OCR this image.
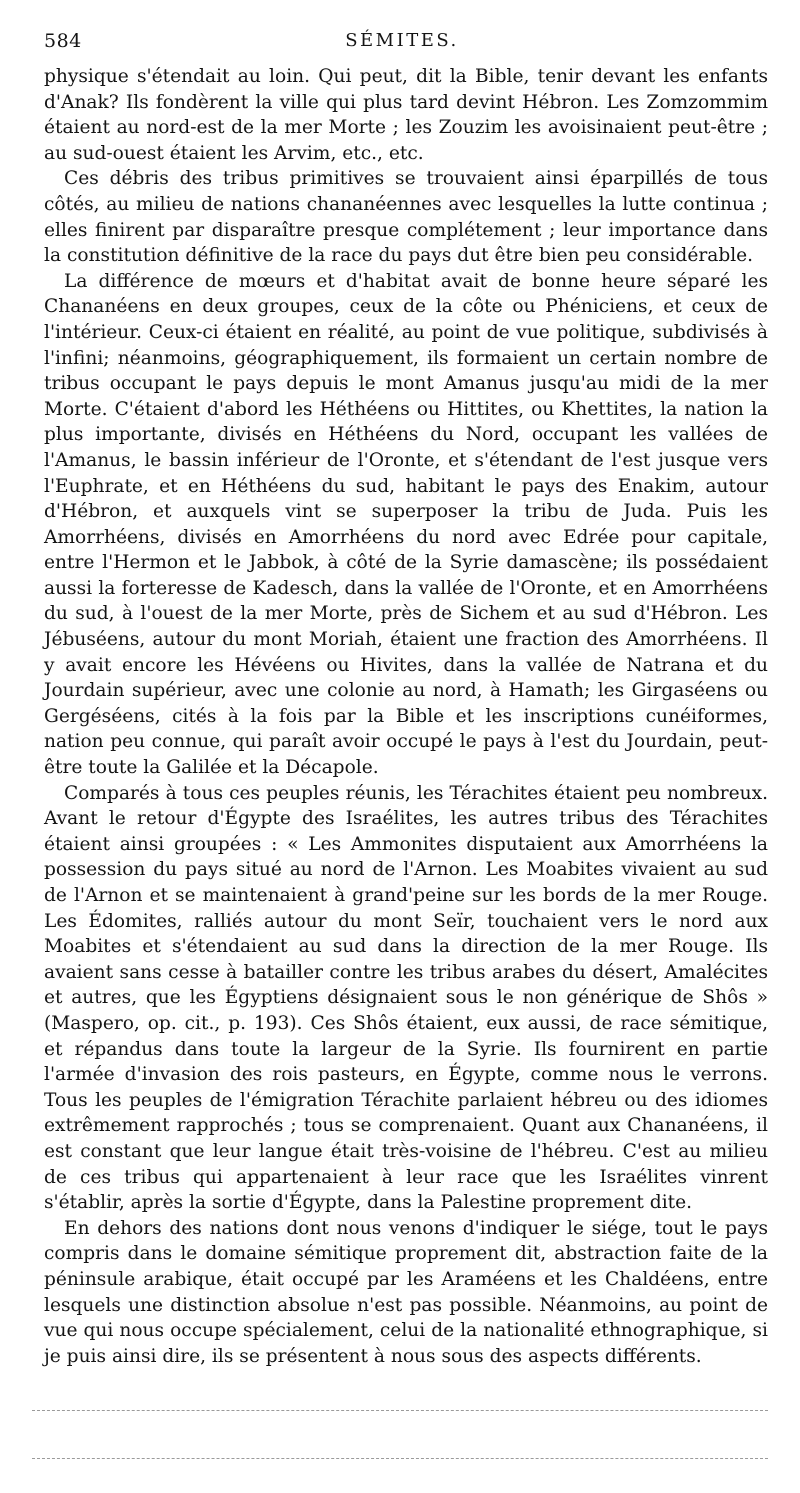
584	SÉMITES.

physique s'étendait au loin. Qui peut, dit la Bible, tenir devant les enfants d'Anak? Ils fondèrent la ville qui plus tard devint Hébron. Les Zomzommim étaient au nord-est de la mer Morte ; les Zouzim les avoisinaient peut-être ; au sud-ouest étaient les Arvim, etc., etc.

Ces débris des tribus primitives se trouvaient ainsi éparpillés de tous côtés, au milieu de nations chananéennes avec lesquelles la lutte continua ; elles finirent par disparaître presque complétement ; leur importance dans la constitution définitive de la race du pays dut être bien peu considérable.

La différence de mœurs et d'habitat avait de bonne heure séparé les Chananéens en deux groupes, ceux de la côte ou Phéniciens, et ceux de l'intérieur. Ceux-ci étaient en réalité, au point de vue politique, subdivisés à l'infini; néanmoins, géographiquement, ils formaient un certain nombre de tribus occupant le pays depuis le mont Amanus jusqu'au midi de la mer Morte. C'étaient d'abord les Héthéens ou Hittites, ou Khettites, la nation la plus importante, divisés en Héthéens du Nord, occupant les vallées de l'Amanus, le bassin inférieur de l'Oronte, et s'étendant de l'est jusque vers l'Euphrate, et en Héthéens du sud, habitant le pays des Enakim, autour d'Hébron, et auxquels vint se superposer la tribu de Juda. Puis les Amorrhéens, divisés en Amorrhéens du nord avec Edrée pour capitale, entre l'Hermon et le Jabbok, à côté de la Syrie damascène; ils possédaient aussi la forteresse de Kadesch, dans la vallée de l'Oronte, et en Amorrhéens du sud, à l'ouest de la mer Morte, près de Sichem et au sud d'Hébron. Les Jébuséens, autour du mont Moriah, étaient une fraction des Amorrhéens. Il y avait encore les Hévéens ou Hivites, dans la vallée de Natrana et du Jourdain supérieur, avec une colonie au nord, à Hamath; les Girgaséens ou Gergéséens, cités à la fois par la Bible et les inscriptions cunéiformes, nation peu connue, qui paraît avoir occupé le pays à l'est du Jourdain, peut-être toute la Galilée et la Décapole.

Comparés à tous ces peuples réunis, les Térachites étaient peu nombreux. Avant le retour d'Égypte des Israélites, les autres tribus des Térachites étaient ainsi groupées : « Les Ammonites disputaient aux Amorrhéens la possession du pays situé au nord de l'Arnon. Les Moabites vivaient au sud de l'Arnon et se maintenaient à grand'peine sur les bords de la mer Rouge. Les Édomites, ralliés autour du mont Seïr, touchaient vers le nord aux Moabites et s'étendaient au sud dans la direction de la mer Rouge. Ils avaient sans cesse à batailler contre les tribus arabes du désert, Amalécites et autres, que les Égyptiens désignaient sous le non générique de Shôs » (Maspero, op. cit., p. 193). Ces Shôs étaient, eux aussi, de race sémitique, et répandus dans toute la largeur de la Syrie. Ils fournirent en partie l'armée d'invasion des rois pasteurs, en Égypte, comme nous le verrons. Tous les peuples de l'émigration Térachite parlaient hébreu ou des idiomes extrêmement rapprochés ; tous se comprenaient. Quant aux Chananéens, il est constant que leur langue était très-voisine de l'hébreu. C'est au milieu de ces tribus qui appartenaient à leur race que les Israélites vinrent s'établir, après la sortie d'Égypte, dans la Palestine proprement dite.

En dehors des nations dont nous venons d'indiquer le siége, tout le pays compris dans le domaine sémitique proprement dit, abstraction faite de la péninsule arabique, était occupé par les Araméens et les Chaldéens, entre lesquels une distinction absolue n'est pas possible. Néanmoins, au point de vue qui nous occupe spécialement, celui de la nationalité ethnographique, si je puis ainsi dire, ils se présentent à nous sous des aspects différents.
